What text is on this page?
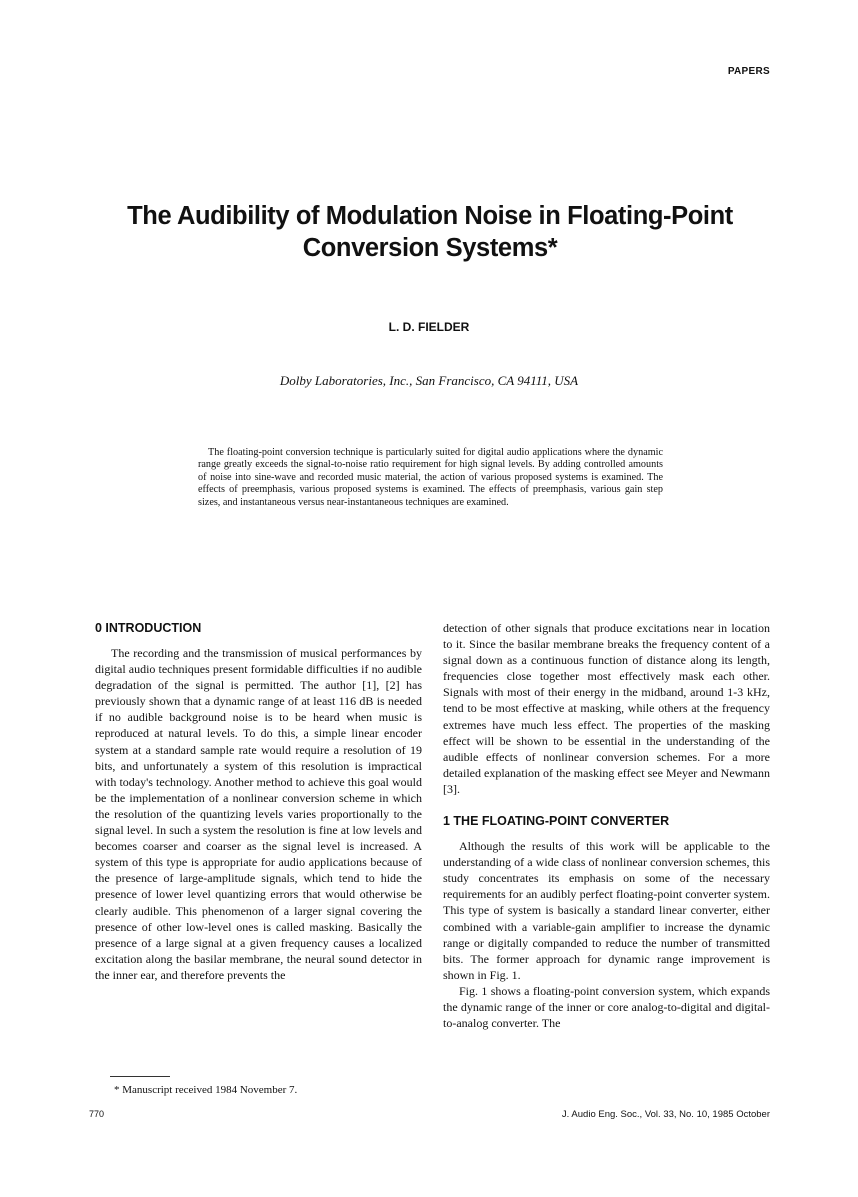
PAPERS
The Audibility of Modulation Noise in Floating-Point Conversion Systems*
L. D. FIELDER
Dolby Laboratories, Inc., San Francisco, CA 94111, USA

The floating-point conversion technique is particularly suited for digital audio applications where the dynamic range greatly exceeds the signal-to-noise ratio requirement for high signal levels. By adding controlled amounts of noise into sine-wave and recorded music material, the action of various proposed systems is examined. The effects of preemphasis, various proposed systems is examined. The effects of preemphasis, various gain step sizes, and instantaneous versus near-instantaneous techniques are examined.

0 INTRODUCTION

The recording and the transmission of musical performances by digital audio techniques present formidable difficulties if no audible degradation of the signal is permitted. The author [1], [2] has previously shown that a dynamic range of at least 116 dB is needed if no audible background noise is to be heard when music is reproduced at natural levels. To do this, a simple linear encoder system at a standard sample rate would require a resolution of 19 bits, and unfortunately a system of this resolution is impractical with today's technology. Another method to achieve this goal would be the implementation of a nonlinear conversion scheme in which the resolution of the quantizing levels varies proportionally to the signal level. In such a system the resolution is fine at low levels and becomes coarser and coarser as the signal level is increased. A system of this type is appropriate for audio applications because of the presence of large-amplitude signals, which tend to hide the presence of lower level quantizing errors that would otherwise be clearly audible. This phenomenon of a larger signal covering the presence of other low-level ones is called masking. Basically the presence of a large signal at a given frequency causes a localized excitation along the basilar membrane, the neural sound detector in the inner ear, and therefore prevents the

detection of other signals that produce excitations near in location to it. Since the basilar membrane breaks the frequency content of a signal down as a continuous function of distance along its length, frequencies close together most effectively mask each other. Signals with most of their energy in the midband, around 1-3 kHz, tend to be most effective at masking, while others at the frequency extremes have much less effect. The properties of the masking effect will be shown to be essential in the understanding of the audible effects of nonlinear conversion schemes. For a more detailed explanation of the masking effect see Meyer and Newmann [3].

1 THE FLOATING-POINT CONVERTER

Although the results of this work will be applicable to the understanding of a wide class of nonlinear conversion schemes, this study concentrates its emphasis on some of the necessary requirements for an audibly perfect floating-point converter system. This type of system is basically a standard linear converter, either combined with a variable-gain amplifier to increase the dynamic range or digitally companded to reduce the number of transmitted bits. The former approach for dynamic range improvement is shown in Fig. 1.

Fig. 1 shows a floating-point conversion system, which expands the dynamic range of the inner or core analog-to-digital and digital-to-analog converter. The

* Manuscript received 1984 November 7.
770	J. Audio Eng. Soc., Vol. 33, No. 10, 1985 October
